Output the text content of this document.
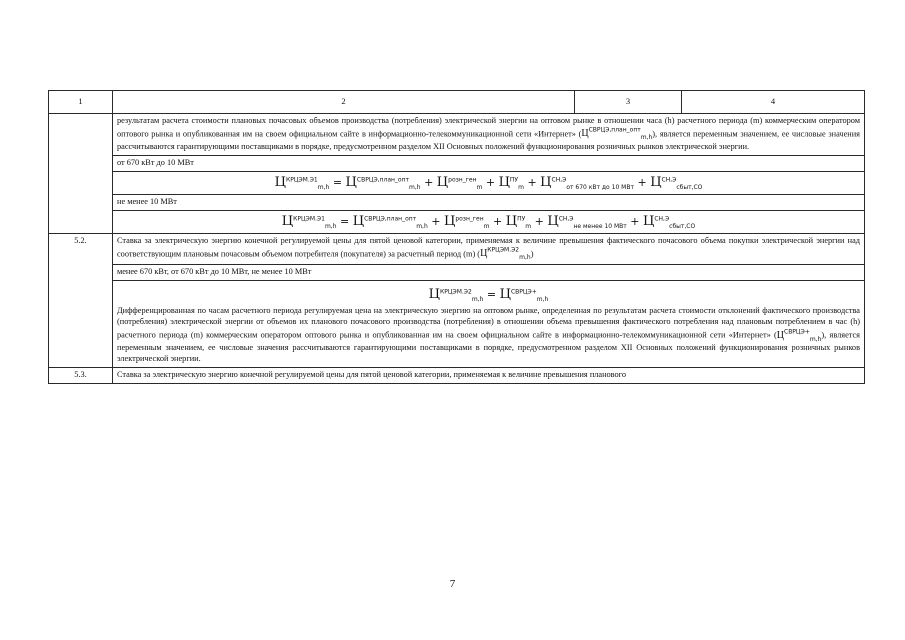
1	2	3	4
	результатам расчета стоимости плановых почасовых объемов производства (потребления) электрической энергии на оптовом рынке в отношении часа (h) расчетного периода (m) коммерческим оператором оптового рынка и опубликованная им на своем официальном сайте в информационно-телекоммуникационной сети «Интернет» $(Ц^{СВРЦЭ,план\_опт}_{m,h})$, является переменным значением, ее числовые значения рассчитываются гарантирующими поставщиками в порядке, предусмотренном разделом XII Основных положений функционирования розничных рынков электрической энергии.		
	от 670 кВт до 10 МВт		
	$Ц^{КРЦЭМ.Э1}_{m,h} = Ц^{СВРЦЭ,план\_опт}_{m,h} + Ц^{розн\_ген}_m + Ц^{ПУ}_m + Ц^{СН,Э}_{от 670 кВт до 10 МВт} + Ц^{СН,Э}_{сбыт,СО}$
	не менее 10 МВт		
	$Ц^{КРЦЭМ.Э1}_{m,h} = Ц^{СВРЦЭ,план\_опт}_{m,h} + Ц^{розн\_ген}_m + Ц^{ПУ}_m + Ц^{СН,Э}_{не менее 10 МВт} + Ц^{СН,Э}_{сбыт,СО}$
5.2.	Ставка за электрическую энергию конечной регулируемой цены для пятой ценовой категории, применяемая к величине превышения фактического почасового объема покупки электрической энергии над соответствующим плановым почасовым объемом потребителя (покупателя) за расчетный период (m) $(Ц^{КРЦЭМ.Э2}_{m,h})$		
	менее 670 кВт, от 670 кВт до 10 МВт, не менее 10 МВт		

	$Ц^{КРЦЭМ.Э2}_{m,h} = Ц^{СВРЦЭ+}_{m,h}$
Дифференцированная по часам расчетного периода регулируемая цена на электрическую энергию на оптовом рынке, определенная по результатам расчета стоимости отклонений фактического производства (потребления) электрической энергии от объемов их планового почасового производства (потребления) в отношении объема превышения фактического потребления над плановым потреблением в час (h) расчетного периода (m) коммерческим оператором оптового рынка и опубликованная им на своем официальном сайте в информационно-телекоммуникационной сети «Интернет» $(Ц^{СВРЦЭ+}_{m,h})$, является переменным значением, ее числовые значения рассчитываются гарантирующими поставщиками в порядке, предусмотренном разделом XII Основных положений функционирования розничных рынков электрической энергии.		
5.3.	Ставка за электрическую энергию конечной регулируемой цены для пятой ценовой категории, применяемая к величине превышения планового		
7
